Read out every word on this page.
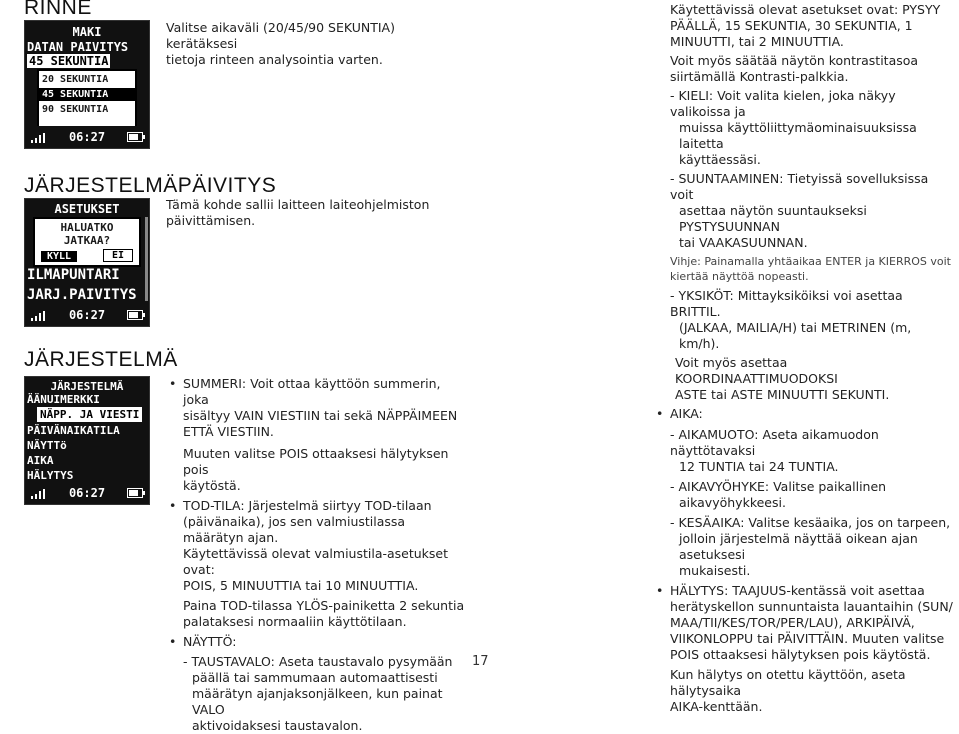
RINNE
MAKI
DATAN PAIVITYS
45 SEKUNTIA
20 SEKUNTIA
45 SEKUNTIA
90 SEKUNTIA
06:27
JÄRJESTELMÄPÄIVITYS
ASETUKSET
HALUATKO
JATKAA?
KYLL	EI
ILMAPUNTARI
JARJ.PAIVITYS
06:27
JÄRJESTELMÄ
JÄRJESTELMÄ
ÄÄNUIMERKKI
NÄPP. JA VIESTI
PÄIVÄNAIKATILA
NÄYTTö
AIKA
HÄLYTYS
06:27
Valitse aikaväli (20/45/90 SEKUNTIA) kerätäksesi
tietoja rinteen analysointia varten.
Tämä kohde sallii laitteen laiteohjelmiston
päivittämisen.
• SUMMERI: Voit ottaa käyttöön summerin, joka
sisältyy VAIN VIESTIIN tai sekä NÄPPÄIMEEN
ETTÄ VIESTIIN.
Muuten valitse POIS ottaaksesi hälytyksen pois
käytöstä.
• TOD-TILA: Järjestelmä siirtyy TOD-tilaan
(päivänaika), jos sen valmiustilassa määrätyn ajan.
Käytettävissä olevat valmiustila-asetukset ovat:
POIS, 5 MINUUTTIA tai 10 MINUUTTIA.
Paina TOD-tilassa YLÖS-painiketta 2 sekuntia
palataksesi normaaliin käyttötilaan.
• NÄYTTÖ:
- TAUSTAVALO: Aseta taustavalo pysymään
päällä tai sammumaan automaattisesti
määrätyn ajanjaksonjälkeen, kun painat VALO
aktivoidaksesi taustavalon.
17
Käytettävissä olevat asetukset ovat: PYSYY
PÄÄLLÄ, 15 SEKUNTIA, 30 SEKUNTIA, 1
MINUUTTI, tai 2 MINUUTTIA.
Voit myös säätää näytön kontrastitasoa
siirtämällä Kontrasti-palkkia.
- KIELI: Voit valita kielen, joka näkyy valikoissa ja
muissa käyttöliittymäominaisuuksissa laitetta
käyttäessäsi.
- SUUNTAAMINEN: Tietyissä sovelluksissa voit
asettaa näytön suuntaukseksi PYSTYSUUNNAN
tai VAAKASUUNNAN.
Vihje: Painamalla yhtäaikaa ENTER ja KIERROS voit
kiertää näyttöä nopeasti.
- YKSIKÖT: Mittayksiköiksi voi asettaa BRITTIL.
(JALKAA, MAILIA/H) tai METRINEN (m, km/h).
Voit myös asettaa KOORDINAATTIMUODOKSI
ASTE tai ASTE MINUUTTI SEKUNTI.
• AIKA:
- AIKAMUOTO: Aseta aikamuodon näyttötavaksi
12 TUNTIA tai 24 TUNTIA.
- AIKAVYÖHYKE: Valitse paikallinen
aikavyöhykkeesi.
- KESÄAIKA: Valitse kesäaika, jos on tarpeen,
jolloin järjestelmä näyttää oikean ajan asetuksesi
mukaisesti.
• HÄLYTYS: TAAJUUS-kentässä voit asettaa
herätyskellon sunnuntaista lauantaihin (SUN/
MAA/TII/KES/TOR/PER/LAU), ARKIPÄIVÄ,
VIIKONLOPPU tai PÄIVITTÄIN. Muuten valitse
POIS ottaaksesi hälytyksen pois käytöstä.
Kun hälytys on otettu käyttöön, aseta hälytysaika
AIKA-kenttään.
